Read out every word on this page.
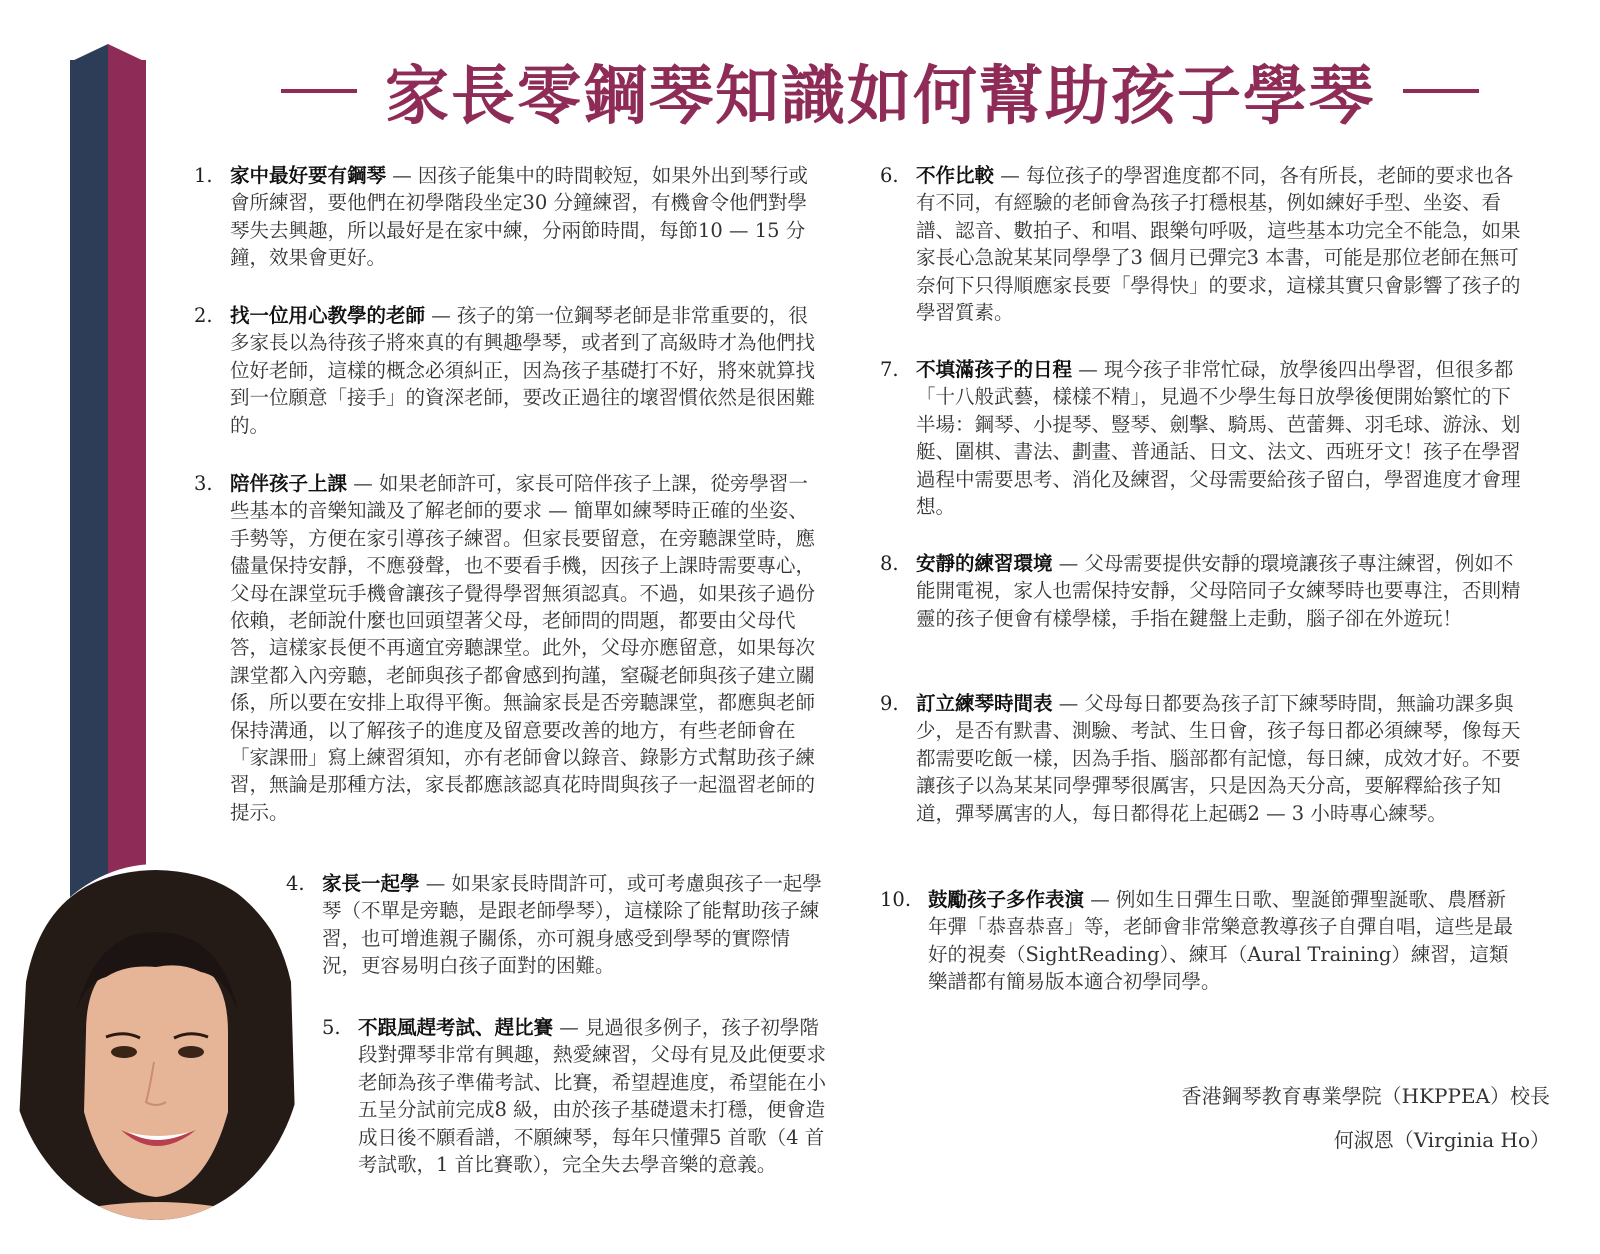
家長零鋼琴知識如何幫助孩子學琴
1. 家中最好要有鋼琴 — 因孩子能集中的時間較短，如果外出到琴行或會所練習，要他們在初學階段坐定30 分鐘練習，有機會令他們對學琴失去興趣，所以最好是在家中練，分兩節時間，每節10 — 15 分鐘，效果會更好。
2. 找一位用心教學的老師 — 孩子的第一位鋼琴老師是非常重要的，很多家長以為待孩子將來真的有興趣學琴，或者到了高級時才為他們找位好老師，這樣的概念必須糾正，因為孩子基礎打不好，將來就算找到一位願意「接手」的資深老師，要改正過往的壞習慣依然是很困難的。
3. 陪伴孩子上課 — 如果老師許可，家長可陪伴孩子上課，從旁學習一些基本的音樂知識及了解老師的要求 — 簡單如練琴時正確的坐姿、手勢等，方便在家引導孩子練習。但家長要留意，在旁聽課堂時，應儘量保持安靜，不應發聲，也不要看手機，因孩子上課時需要專心，父母在課堂玩手機會讓孩子覺得學習無須認真。不過，如果孩子過份依賴，老師說什麼也回頭望著父母，老師問的問題，都要由父母代答，這樣家長便不再適宜旁聽課堂。此外，父母亦應留意，如果每次課堂都入內旁聽，老師與孩子都會感到拘謹，窒礙老師與孩子建立關係，所以要在安排上取得平衡。無論家長是否旁聽課堂，都應與老師保持溝通，以了解孩子的進度及留意要改善的地方，有些老師會在「家課冊」寫上練習須知，亦有老師會以錄音、錄影方式幫助孩子練習，無論是那種方法，家長都應該認真花時間與孩子一起溫習老師的提示。
4. 家長一起學 — 如果家長時間許可，或可考慮與孩子一起學琴（不單是旁聽，是跟老師學琴），這樣除了能幫助孩子練習，也可增進親子關係，亦可親身感受到學琴的實際情況，更容易明白孩子面對的困難。
5. 不跟風趕考試、趕比賽 — 見過很多例子，孩子初學階段對彈琴非常有興趣，熱愛練習，父母有見及此便要求老師為孩子準備考試、比賽，希望趕進度，希望能在小五呈分試前完成8 級，由於孩子基礎還未打穩，便會造成日後不願看譜，不願練琴，每年只懂彈5 首歌（4 首考試歌，1 首比賽歌），完全失去學音樂的意義。
6. 不作比較 — 每位孩子的學習進度都不同，各有所長，老師的要求也各有不同，有經驗的老師會為孩子打穩根基，例如練好手型、坐姿、看譜、認音、數拍子、和唱、跟樂句呼吸，這些基本功完全不能急，如果家長心急說某某同學學了3 個月已彈完3 本書，可能是那位老師在無可奈何下只得順應家長要「學得快」的要求，這樣其實只會影響了孩子的學習質素。
7. 不填滿孩子的日程 — 現今孩子非常忙碌，放學後四出學習，但很多都「十八般武藝，樣樣不精」，見過不少學生每日放學後便開始繁忙的下半場：鋼琴、小提琴、豎琴、劍擊、騎馬、芭蕾舞、羽毛球、游泳、划艇、圍棋、書法、劃畫、普通話、日文、法文、西班牙文！孩子在學習過程中需要思考、消化及練習，父母需要給孩子留白，學習進度才會理想。
8. 安靜的練習環境 — 父母需要提供安靜的環境讓孩子專注練習，例如不能開電視，家人也需保持安靜，父母陪同子女練琴時也要專注，否則精靈的孩子便會有樣學樣，手指在鍵盤上走動，腦子卻在外遊玩！
9. 訂立練琴時間表 — 父母每日都要為孩子訂下練琴時間，無論功課多與少，是否有默書、測驗、考試、生日會，孩子每日都必須練琴，像每天都需要吃飯一樣，因為手指、腦部都有記憶，每日練，成效才好。不要讓孩子以為某某同學彈琴很厲害，只是因為天分高，要解釋給孩子知道，彈琴厲害的人，每日都得花上起碼2 — 3 小時專心練琴。
10. 鼓勵孩子多作表演 — 例如生日彈生日歌、聖誕節彈聖誕歌、農曆新年彈「恭喜恭喜」等，老師會非常樂意教導孩子自彈自唱，這些是最好的視奏（SightReading）、練耳（Aural Training）練習，這類樂譜都有簡易版本適合初學同學。
香港鋼琴教育專業學院（HKPPEA）校長
何淑恩（Virginia Ho）
